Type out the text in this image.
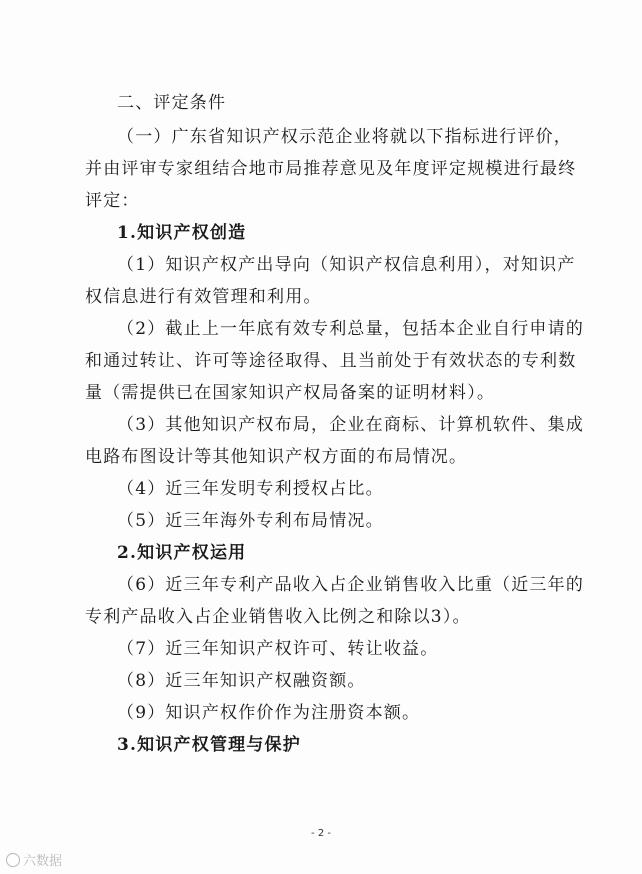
二、评定条件
（一）广东省知识产权示范企业将就以下指标进行评价，
并由评审专家组结合地市局推荐意见及年度评定规模进行最终
评定：
1.知识产权创造
（1）知识产权产出导向（知识产权信息利用），对知识产
权信息进行有效管理和利用。
（2）截止上一年底有效专利总量，包括本企业自行申请的
和通过转让、许可等途径取得、且当前处于有效状态的专利数
量（需提供已在国家知识产权局备案的证明材料）。
（3）其他知识产权布局，企业在商标、计算机软件、集成
电路布图设计等其他知识产权方面的布局情况。
（4）近三年发明专利授权占比。
（5）近三年海外专利布局情况。
2.知识产权运用
（6）近三年专利产品收入占企业销售收入比重（近三年的
专利产品收入占企业销售收入比例之和除以3）。
（7）近三年知识产权许可、转让收益。
（8）近三年知识产权融资额。
（9）知识产权作价作为注册资本额。
3.知识产权管理与保护
- 2 -
六数据
